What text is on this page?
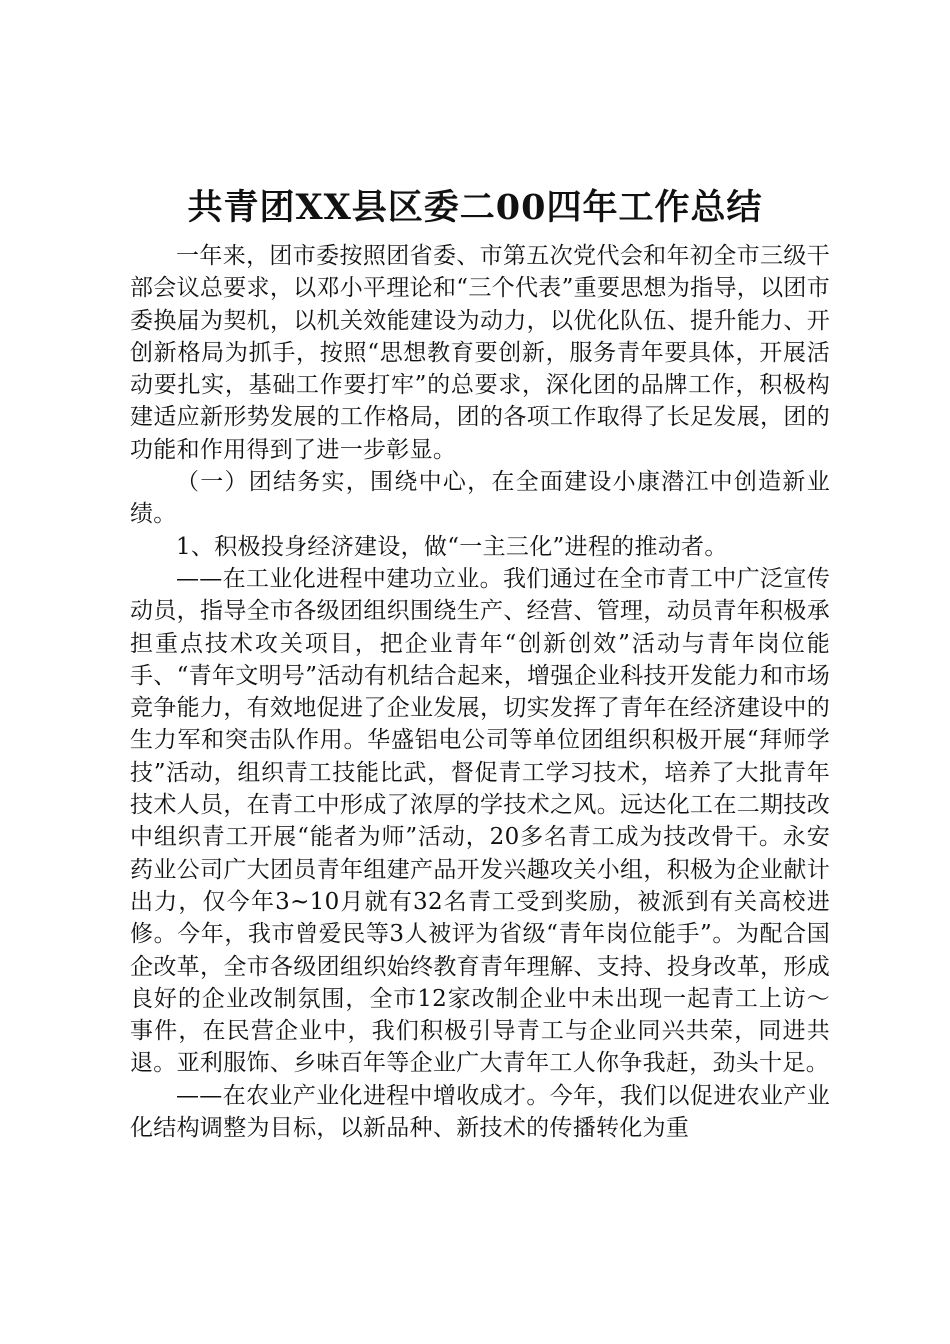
共青团XX县区委二00四年工作总结

一年来，团市委按照团省委、市第五次党代会和年初全市三级干部会议总要求，以邓小平理论和“三个代表”重要思想为指导，以团市委换届为契机，以机关效能建设为动力，以优化队伍、提升能力、开创新格局为抓手，按照“思想教育要创新，服务青年要具体，开展活动要扎实，基础工作要打牢”的总要求，深化团的品牌工作，积极构建适应新形势发展的工作格局，团的各项工作取得了长足发展，团的功能和作用得到了进一步彰显。

（一）团结务实，围绕中心，在全面建设小康潜江中创造新业绩。

1、积极投身经济建设，做“一主三化”进程的推动者。

——在工业化进程中建功立业。我们通过在全市青工中广泛宣传动员，指导全市各级团组织围绕生产、经营、管理，动员青年积极承担重点技术攻关项目，把企业青年“创新创效”活动与青年岗位能手、“青年文明号”活动有机结合起来，增强企业科技开发能力和市场竞争能力，有效地促进了企业发展，切实发挥了青年在经济建设中的生力军和突击队作用。华盛铝电公司等单位团组织积极开展“拜师学技”活动，组织青工技能比武，督促青工学习技术，培养了大批青年技术人员，在青工中形成了浓厚的学技术之风。远达化工在二期技改中组织青工开展“能者为师”活动，20多名青工成为技改骨干。永安药业公司广大团员青年组建产品开发兴趣攻关小组，积极为企业献计出力，仅今年3~10月就有32名青工受到奖励，被派到有关高校进修。今年，我市曾爱民等3人被评为省级“青年岗位能手”。为配合国企改革，全市各级团组织始终教育青年理解、支持、投身改革，形成良好的企业改制氛围，全市12家改制企业中未出现一起青工上访～事件，在民营企业中，我们积极引导青工与企业同兴共荣，同进共退。亚利服饰、乡味百年等企业广大青年工人你争我赶，劲头十足。

——在农业产业化进程中增收成才。今年，我们以促进农业产业化结构调整为目标，以新品种、新技术的传播转化为重
